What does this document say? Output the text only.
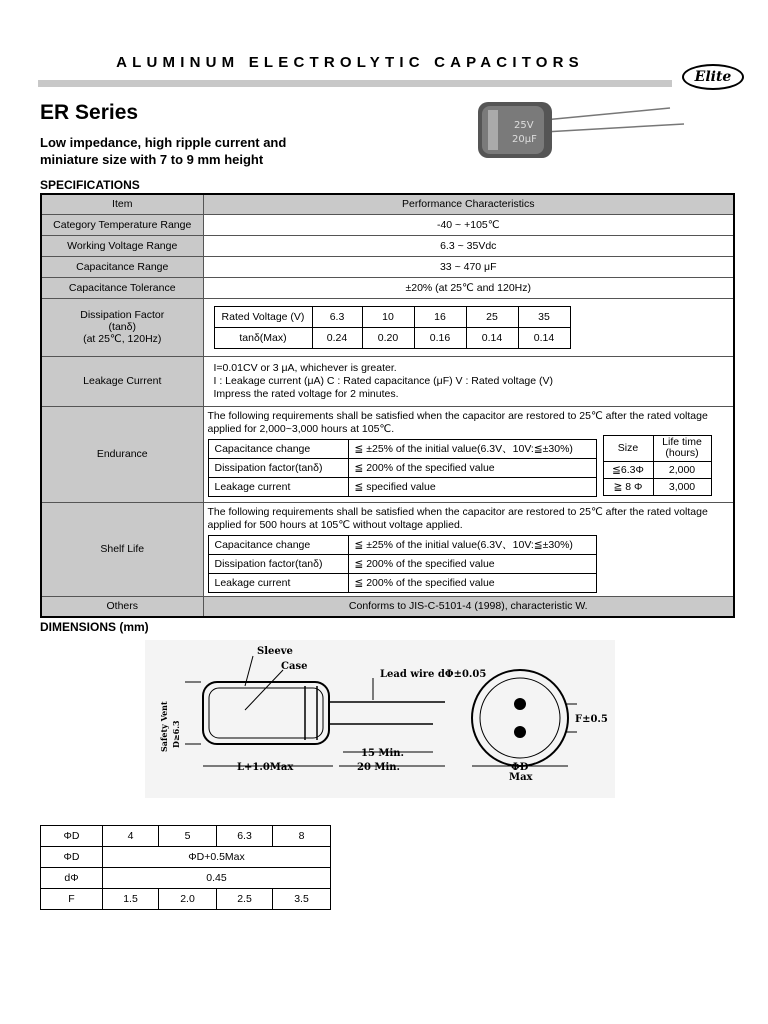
ALUMINUM ELECTROLYTIC CAPACITORS
Elite
ER Series
Low impedance, high ripple current and
miniature size with 7 to 9 mm height
25V
20μF
SPECIFICATIONS
Item	Performance Characteristics
Category Temperature Range	-40 ~ +105℃
Working Voltage Range	6.3 ~ 35Vdc
Capacitance Range	33 ~ 470 μF
Capacitance Tolerance	±20% (at 25℃ and 120Hz)

Dissipation Factor
(tanδ)
(at 25℃, 120Hz)

Rated Voltage (V)	6.3	10	16	25	35
tanδ(Max)	0.24	0.20	0.16	0.14	0.14

Leakage Current	
I=0.01CV or 3 μA, whichever is greater.
I : Leakage current (μA) C : Rated capacitance (μF) V : Rated voltage (V)
Impress the rated voltage for 2 minutes.

Endurance	
The following requirements shall be satisfied when the capacitor are restored to 25℃ after the rated voltage applied for 2,000~3,000 hours at 105℃.
Capacitance change	≦ ±25% of the initial value(6.3V、10V:≦±30%)
Dissipation factor(tanδ)	≦ 200% of the specified value
Leakage current	≦ specified value
Size	Life time (hours)
≦6.3Φ	2,000
≧ 8 Φ	3,000

Shelf Life	
The following requirements shall be satisfied when the capacitor are restored to 25℃ after the rated voltage applied for 500 hours at 105℃ without voltage applied.
Capacitance change	≦ ±25% of the initial value(6.3V、10V:≦±30%)
Dissipation factor(tanδ)	≦ 200% of the specified value
Leakage current	≦ 200% of the specified value

Others	Conforms to JIS-C-5101-4 (1998), characteristic W.
DIMENSIONS (mm)
Sleeve
Case
Lead wire dΦ±0.05
Safety Vent D≥6.3
15 Min.
20 Min.
L+1.0Max
F±0.5
ΦD
Max
ΦD	4	5	6.3	8
ΦD	ΦD+0.5Max			
dΦ	0.45			
F	1.5	2.0	2.5	3.5
